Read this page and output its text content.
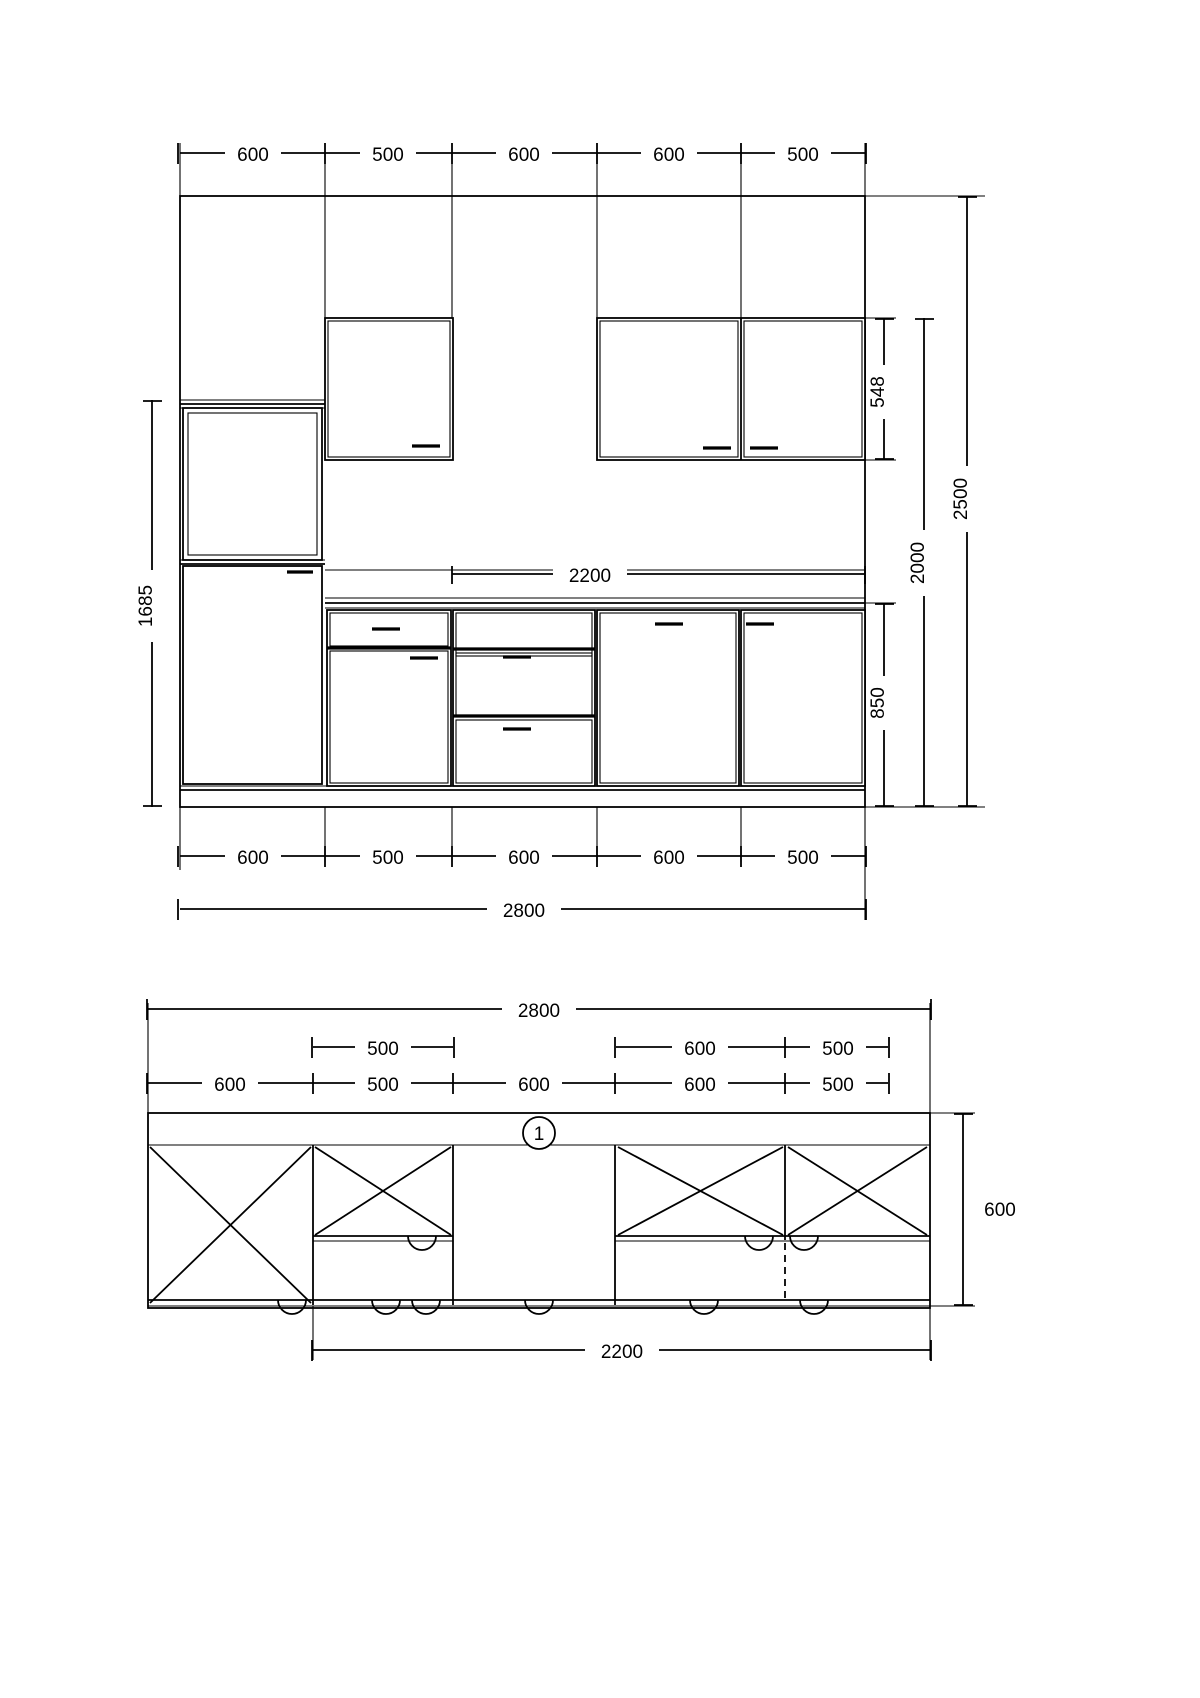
600	500	600	600	500
2200
1685
548
850
2000
2500
600	500	600	600	500
2800
2800
500	600	500
600	500	600	600	500
1
600
2200
